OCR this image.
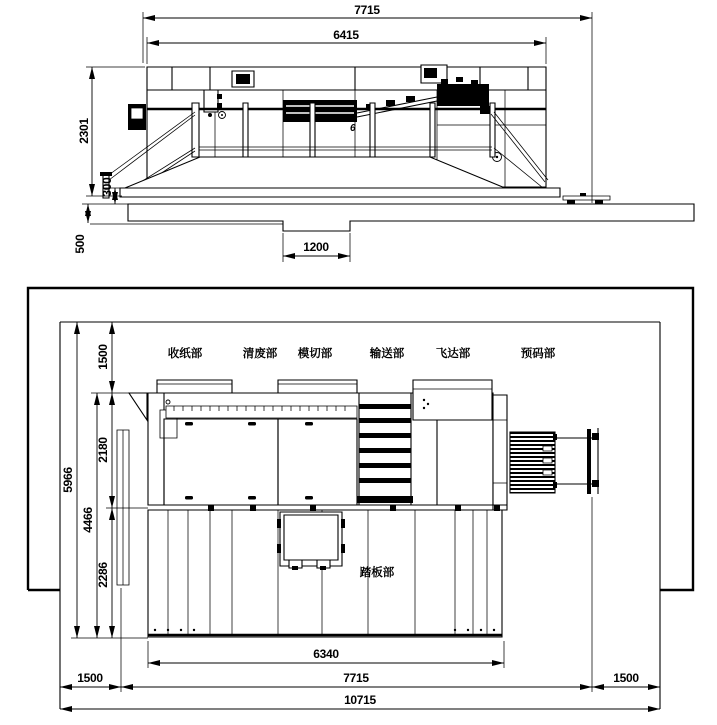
6
7715
6415
2301
300
500	1200
收纸部	清废部 模切部	输送部	飞达部	预码部
踏板部
5966
4466
1500
2180
2286
6340
7715
1500	1500
10715
